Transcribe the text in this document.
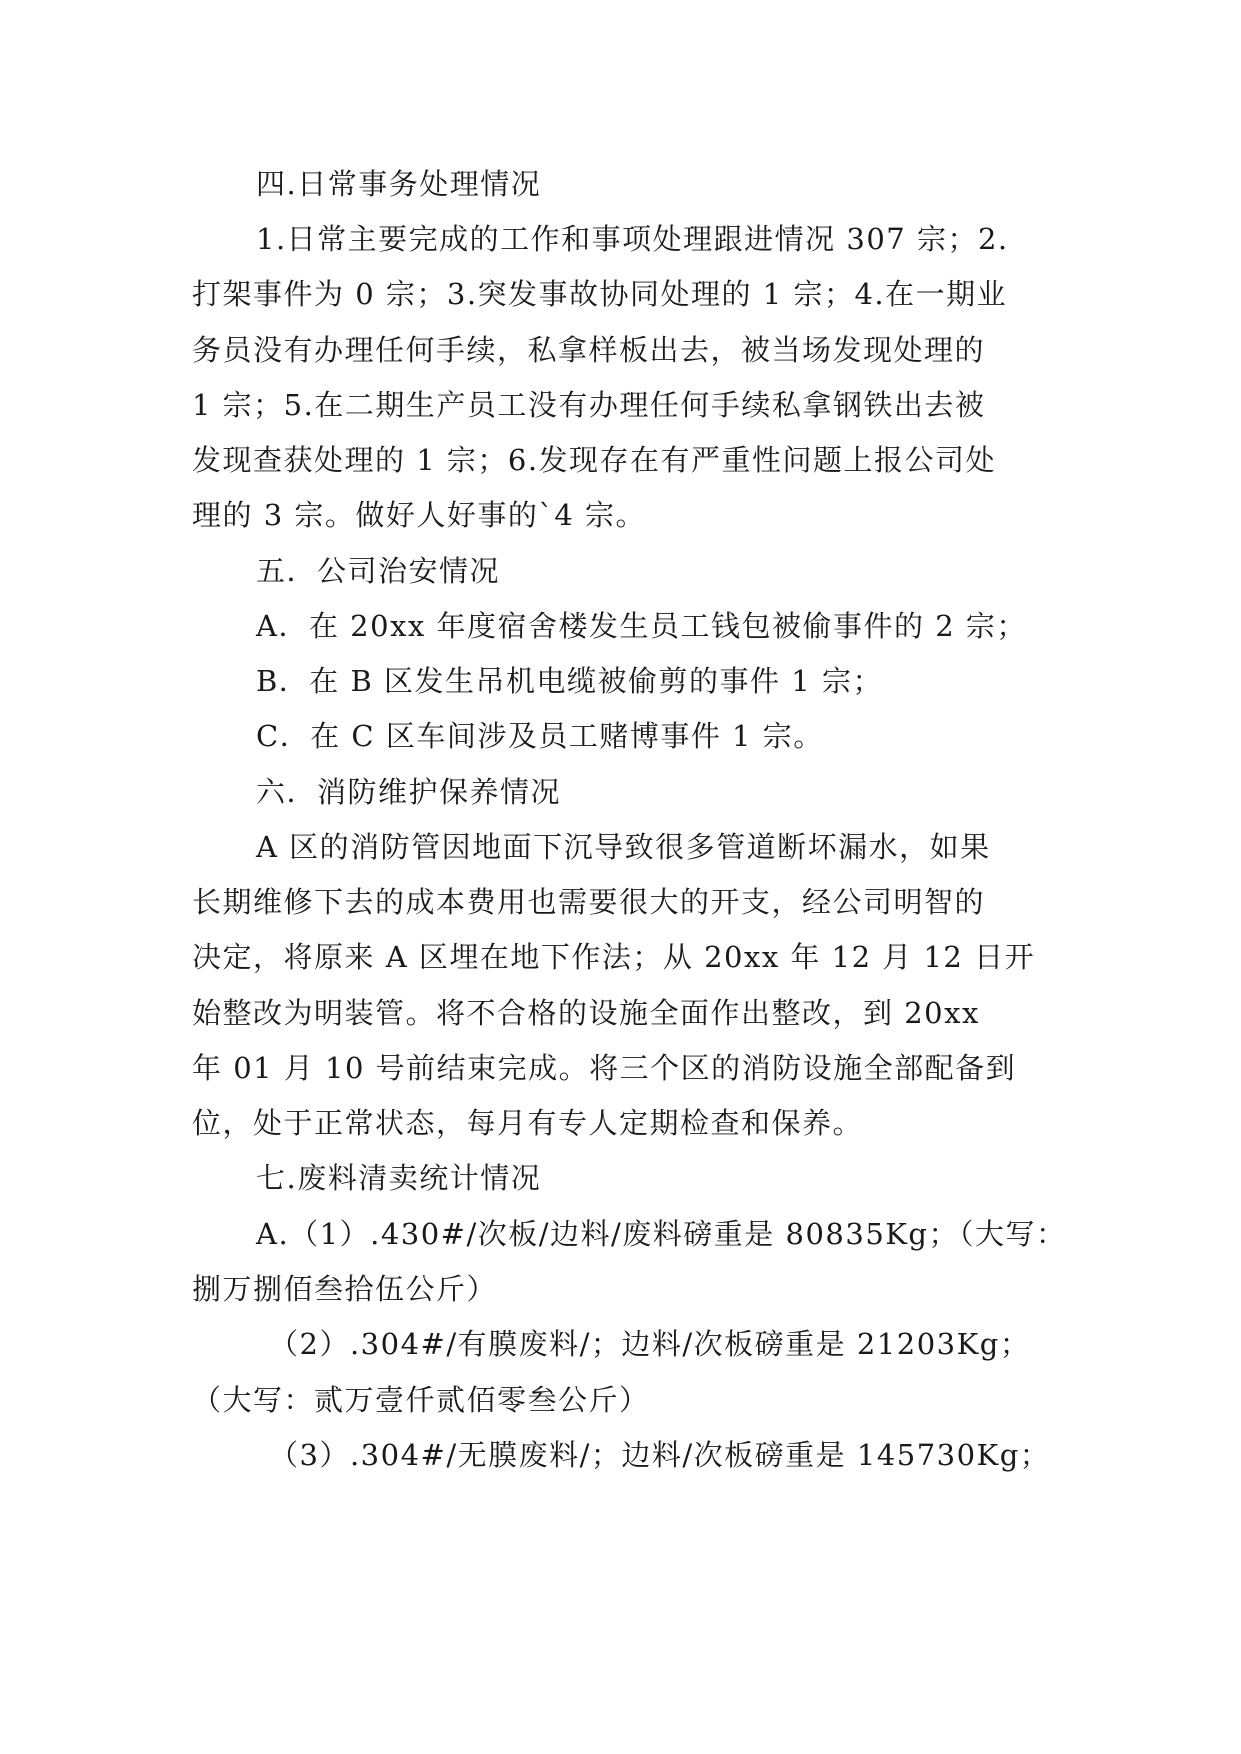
四.日常事务处理情况
1.日常主要完成的工作和事项处理跟进情况 307 宗；2.
打架事件为 0 宗；3.突发事故协同处理的 1 宗；4.在一期业
务员没有办理任何手续，私拿样板出去，被当场发现处理的
1 宗；5.在二期生产员工没有办理任何手续私拿钢铁出去被
发现查获处理的 1 宗；6.发现存在有严重性问题上报公司处
理的 3 宗。做好人好事的`4 宗。
五．公司治安情况
A．在 20xx 年度宿舍楼发生员工钱包被偷事件的 2 宗；
B．在 B 区发生吊机电缆被偷剪的事件 1 宗；
C．在 C 区车间涉及员工赌博事件 1 宗。
六．消防维护保养情况
A 区的消防管因地面下沉导致很多管道断坏漏水，如果
长期维修下去的成本费用也需要很大的开支，经公司明智的
决定，将原来 A 区埋在地下作法；从 20xx 年 12 月 12 日开
始整改为明装管。将不合格的设施全面作出整改，到 20xx
年 01 月 10 号前结束完成。将三个区的消防设施全部配备到
位，处于正常状态，每月有专人定期检查和保养。
七.废料清卖统计情况
A.（1）.430#/次板/边料/废料磅重是 80835Kg；（大写：
捌万捌佰叁拾伍公斤）
（2）.304#/有膜废料/；边料/次板磅重是 21203Kg；
（大写：贰万壹仟贰佰零叁公斤）
（3）.304#/无膜废料/；边料/次板磅重是 145730Kg；
